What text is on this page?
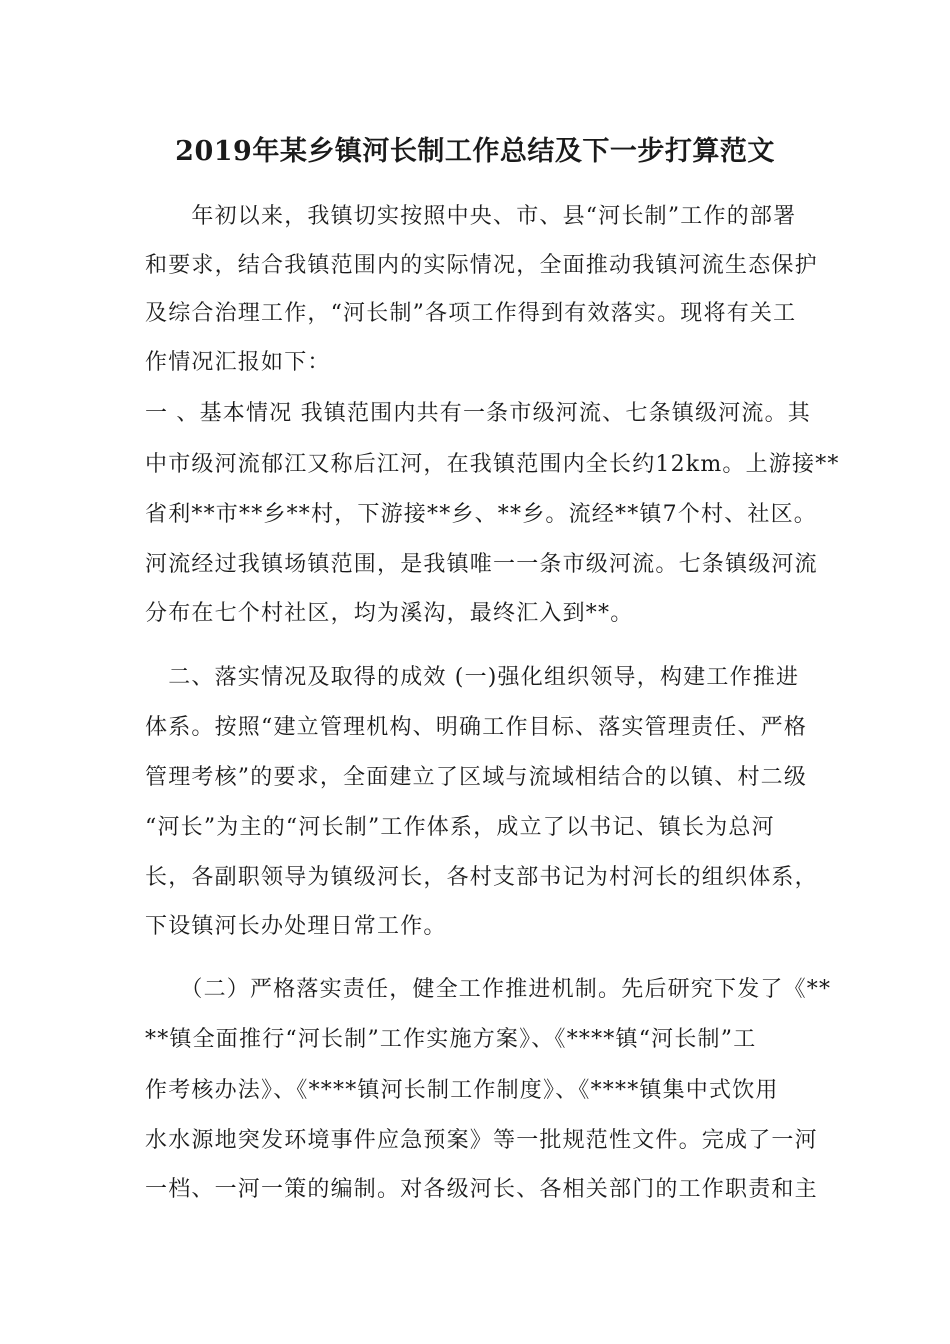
2019年某乡镇河长制工作总结及下一步打算范文

　　年初以来，我镇切实按照中央、市、县“河长制”工作的部署

和要求，结合我镇范围内的实际情况，全面推动我镇河流生态保护

及综合治理工作，“河长制”各项工作得到有效落实。现将有关工

作情况汇报如下：

一 、基本情况 我镇范围内共有一条市级河流、七条镇级河流。其

中市级河流郁江又称后江河，在我镇范围内全长约12km。上游接**

省利**市**乡**村，下游接**乡、**乡。流经**镇7个村、社区。

河流经过我镇场镇范围，是我镇唯一一条市级河流。七条镇级河流

分布在七个村社区，均为溪沟，最终汇入到**。

　二、落实情况及取得的成效 (一)强化组织领导，构建工作推进

体系。按照“建立管理机构、明确工作目标、落实管理责任、严格

管理考核”的要求，全面建立了区域与流域相结合的以镇、村二级

“河长”为主的“河长制”工作体系，成立了以书记、镇长为总河

长，各副职领导为镇级河长，各村支部书记为村河长的组织体系，

下设镇河长办处理日常工作。

　　（二）严格落实责任，健全工作推进机制。先后研究下发了《**

**镇全面推行“河长制”工作实施方案》、《****镇“河长制”工

作考核办法》、《****镇河长制工作制度》、《****镇集中式饮用

水水源地突发环境事件应急预案》等一批规范性文件。完成了一河

一档、一河一策的编制。对各级河长、各相关部门的工作职责和主
